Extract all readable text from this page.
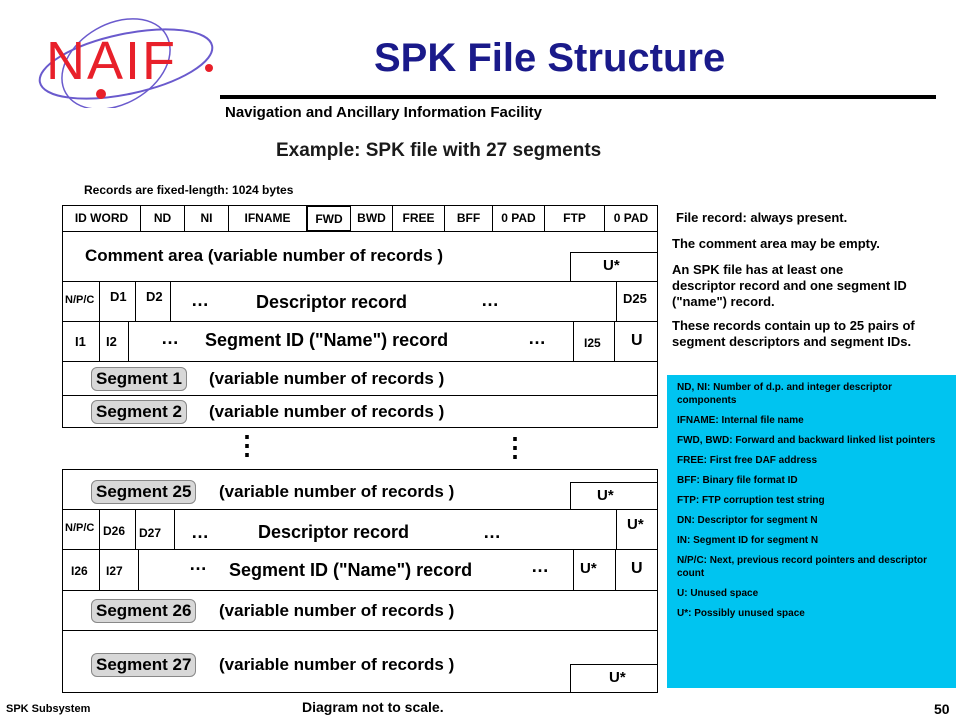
NAIF	SPK File Structure
Navigation and Ancillary Information Facility
Example: SPK file with 27 segments
Records are fixed-length: 1024 bytes
ID WORD	ND	NI	IFNAME	FWD	BWD	FREE	BFF	0 PAD	FTP	0 PAD
Comment area (variable number of records )
U*
N/P/C D1 D2 …	Descriptor record	…	D25
I1 I2 … Segment ID ("Name") record	…	I25 U
Segment 1 (variable number of records )
Segment 2 (variable number of records )
⋮	⋮
Segment 25 (variable number of records )	U*
N/P/C D26 D27 …	Descriptor record	…	U*
I26 I27	… Segment ID ("Name") record	… U* U
Segment 26 (variable number of records )
Segment 27 (variable number of records )
U*
File record: always present.
The comment area may be empty.
An SPK file has at least one descriptor record and one segment ID ("name") record.
These records contain up to 25 pairs of segment descriptors and segment IDs.
ND, NI: Number of d.p. and integer descriptor components
IFNAME: Internal file name
FWD, BWD: Forward and backward linked list pointers
FREE: First free DAF address
BFF: Binary file format ID
FTP: FTP corruption test string
DN: Descriptor for segment N
IN: Segment ID for segment N
N/P/C: Next, previous record pointers and descriptor count
U: Unused space
U*: Possibly unused space
SPK Subsystem	Diagram not to scale.	50
